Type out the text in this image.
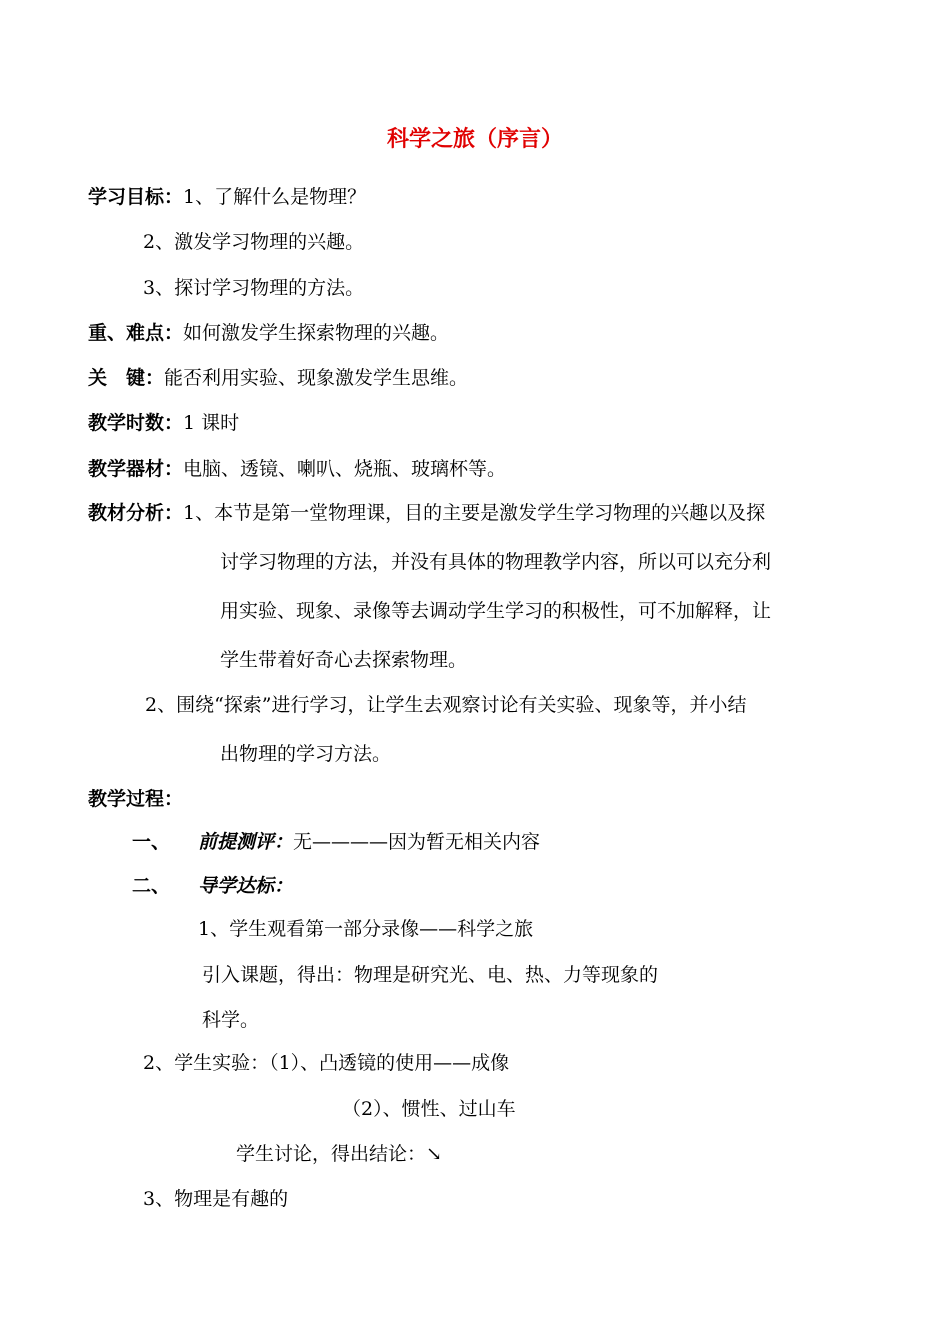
科学之旅（序言）
学习目标：1、了解什么是物理？
2、激发学习物理的兴趣。
3、探讨学习物理的方法。
重、难点：如何激发学生探索物理的兴趣。
关　键：能否利用实验、现象激发学生思维。
教学时数：1 课时
教学器材：电脑、透镜、喇叭、烧瓶、玻璃杯等。
教材分析：1、本节是第一堂物理课，目的主要是激发学生学习物理的兴趣以及探
讨学习物理的方法，并没有具体的物理教学内容，所以可以充分利
用实验、现象、录像等去调动学生学习的积极性，可不加解释，让
学生带着好奇心去探索物理。
2、围绕“探索”进行学习，让学生去观察讨论有关实验、现象等，并小结
出物理的学习方法。
教学过程：
一、 前提测评：无————因为暂无相关内容
二、 导学达标：
1、学生观看第一部分录像——科学之旅
引入课题，得出：物理是研究光、电、热、力等现象的
科学。
2、学生实验：（1）、凸透镜的使用——成像
（2）、惯性、过山车
学生讨论，得出结论：↘
3、物理是有趣的
